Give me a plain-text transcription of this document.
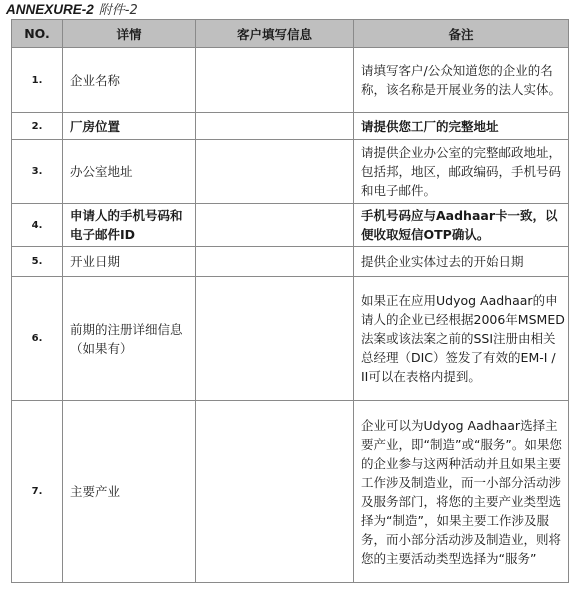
ANNEXURE-2 附件-2
NO.	详情	客户填写信息	备注
1.	企业名称		请填写客户/公众知道您的企业的名称，该名称是开展业务的法人实体。
2.	厂房位置		请提供您工厂的完整地址
3.	办公室地址		请提供企业办公室的完整邮政地址，包括邦，地区，邮政编码，手机号码和电子邮件。
4.	申请人的手机号码和电子邮件ID		手机号码应与Aadhaar卡一致，以便收取短信OTP确认。
5.	开业日期		提供企业实体过去的开始日期
6.	前期的注册详细信息（如果有）		如果正在应用Udyog Aadhaar的申请人的企业已经根据2006年MSMED法案或该法案之前的SSI注册由相关总经理（DIC）签发了有效的EM-I / II可以在表格内提到。
7.	主要产业		企业可以为Udyog Aadhaar选择主要产业，即“制造”或“服务”。如果您的企业参与这两种活动并且如果主要工作涉及制造业，而一小部分活动涉及服务部门，将您的主要产业类型选择为“制造”，如果主要工作涉及服务，而小部分活动涉及制造业，则将您的主要活动类型选择为“服务”
